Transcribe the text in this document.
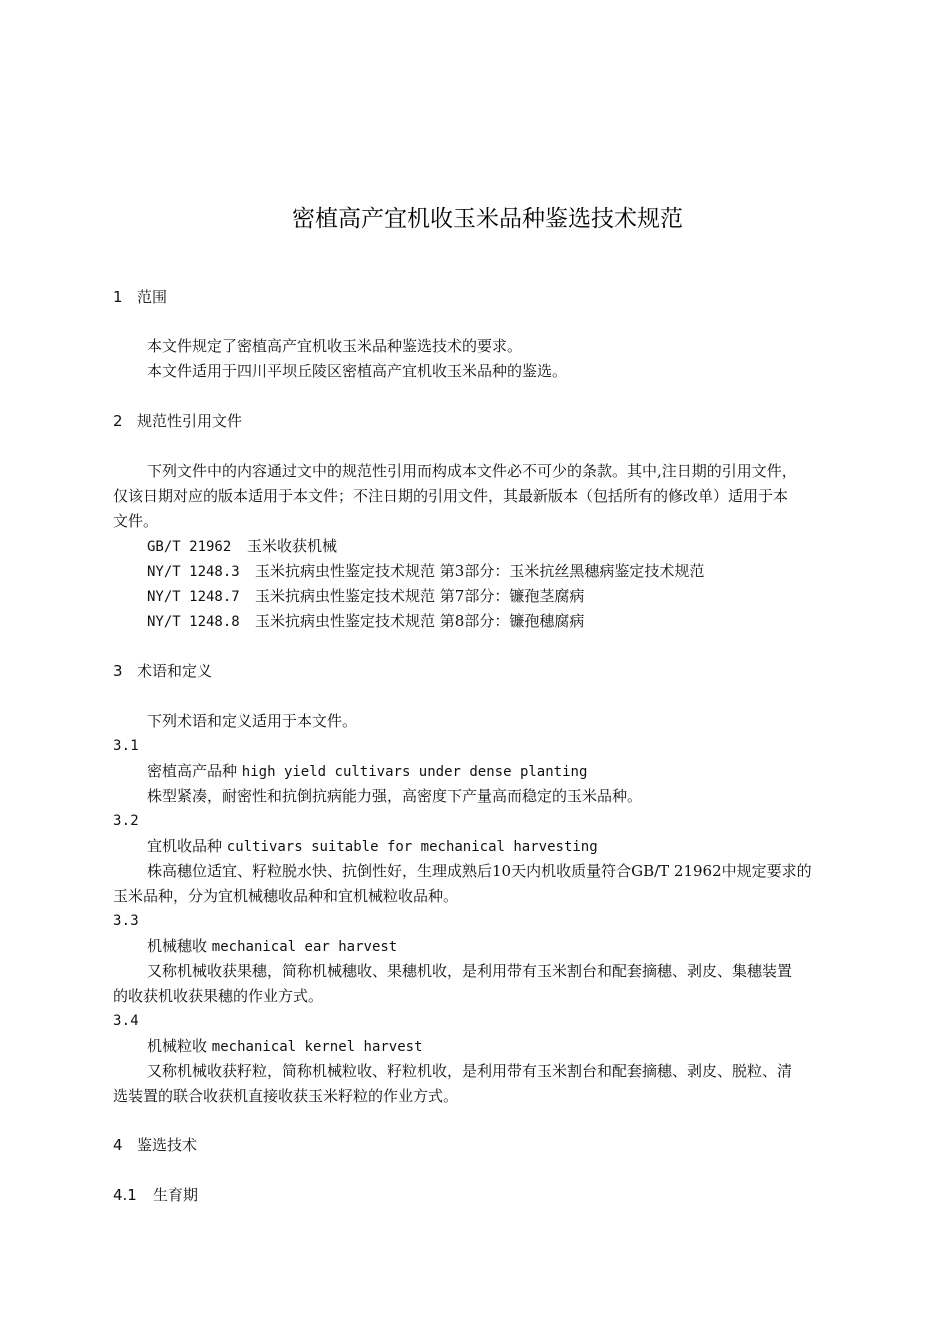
密植高产宜机收玉米品种鉴选技术规范
1 范围
本文件规定了密植高产宜机收玉米品种鉴选技术的要求。
本文件适用于四川平坝丘陵区密植高产宜机收玉米品种的鉴选。
2 规范性引用文件
下列文件中的内容通过文中的规范性引用而构成本文件必不可少的条款。其中,注日期的引用文件，
仅该日期对应的版本适用于本文件；不注日期的引用文件，其最新版本（包括所有的修改单）适用于本
文件。
GB/T 21962 玉米收获机械
NY/T 1248.3 玉米抗病虫性鉴定技术规范 第3部分：玉米抗丝黑穗病鉴定技术规范
NY/T 1248.7 玉米抗病虫性鉴定技术规范 第7部分：镰孢茎腐病
NY/T 1248.8 玉米抗病虫性鉴定技术规范 第8部分：镰孢穗腐病
3 术语和定义
下列术语和定义适用于本文件。
3.1
密植高产品种 high yield cultivars under dense planting
株型紧凑，耐密性和抗倒抗病能力强，高密度下产量高而稳定的玉米品种。
3.2
宜机收品种 cultivars suitable for mechanical harvesting
株高穗位适宜、籽粒脱水快、抗倒性好，生理成熟后10天内机收质量符合GB/T 21962中规定要求的
玉米品种，分为宜机械穗收品种和宜机械粒收品种。
3.3
机械穗收 mechanical ear harvest
又称机械收获果穗，简称机械穗收、果穗机收，是利用带有玉米割台和配套摘穗、剥皮、集穗装置
的收获机收获果穗的作业方式。
3.4
机械粒收 mechanical kernel harvest
又称机械收获籽粒，简称机械粒收、籽粒机收，是利用带有玉米割台和配套摘穗、剥皮、脱粒、清
选装置的联合收获机直接收获玉米籽粒的作业方式。
4 鉴选技术
4.1 生育期
